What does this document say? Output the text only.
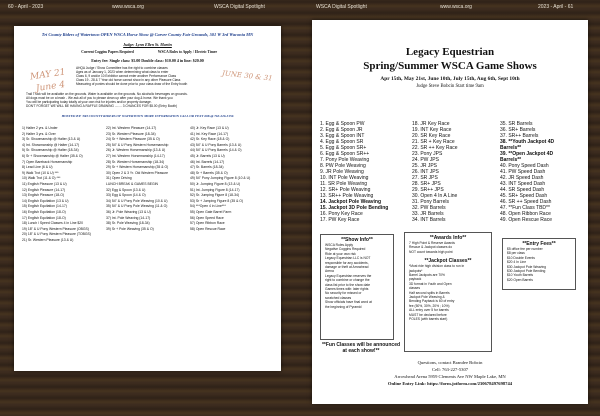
60 - April - 2023	www.wsca.org	WSCA Digital Spotlight	WSCA Digital Spotlight	www.wsca.org	2023 - April - 61
Tri County Riders of Watertown OPEN WSCA Horse Show @ Carver County Fair Grounds, 501 W 3rd Waconia MN
Judge: Lynn Ellen St. Martin
Current Coggins Papers Required	WSCA Rules to Apply / Electric Timer
Entry fee: Single class: $5.00 Double class: $10.00 4 in line: $20.00
AHQA Judge / Show Committee has the right to combine classes
Ages as of January 1, 2023 when determining what class to enter
Class 6, 9 and/or 10 Exhibitor cannot enter another Performance Class
Class 19 - 28 & 7 Year old horse cannot show in any other Pleasure Class
Measuring of ponies should be done prior to your class draw of the Entry booth
Trail Truck will be available on the grounds. Water is available on the grounds. No alcoholic beverages on grounds.
All dogs must be on a leash - We ask all of you to please clean up after your dog & horse. We thank you
You will be participating today totally at your own risk for injuries and/or property damage.
DON'T FORGET WE WILL BE HAVING A RAFFLE DRAWING ........ 3 CHANCES FOR $5.00 (Entry Booth)
HOSTED BY: TRI COUNTY RIDERS OF WATERTOWN MORE INFORMATION CALL OR TEXT 608-@ 763-226-3156
MAY 21
June 4
JUNE 30 & 31
1) Halter 2 yrs. & Under
2) Halter 3 yrs. & Over
3) Sr. Showmanship @ Halter (13 & U)
4) Int. Showmanship @ Halter (14-17)
5) Sr. Showmanship @ Halter (18-34)
6) Sr + Showmanship @ Halter (35 & O)
7) Open Bareback Horsemanship
8) Lead Line (6 & U)
9) Walk Trot (10 & U) ***
10) Walk Trot (11 & O) ***
11) English Pleasure (13 & U)
12) English Pleasure (14-17)
13) English Pleasure (18-O)
14) English Equitation (13 & U)
15) English Equitation (14-17)
16) English Equitation (18-O)
17) English Equitation (18-O)
18) Lunch / Speed Classes 4 in Line $20
19) 18" & U Pony Western Pleasure (OBGS)
20) 18" & U Pony Western Pleasure (TOBGS)
21) Sr. Western Pleasure (13 & U)
22) Int. Western Pleasure (14-17)
23) Sr. Western Pleasure (18-34)
24) Sr + Western Pleasure (35 & O)
25) 54" & U Pony Western Horsemanship
26) Jr. Western Horsemanship (13 & U)
27) Int. Western Horsemanship (14-17)
28) Sr. Western Horsemanship (18-34)
29) Sr + Western Horsemanship (35 & O)
30) Open 2 & 3 Yr. Old Western Pleasure
31) Open Driving
LUNCH BREAK & GAMES BEGIN
32) Egg & Spoon (13 & U)
33) Egg & Spoon (14 & O)
34) 54" & U Pony Pole Weaving (10 & U)
35) 54" & U Pony Pole Weaving (11 & O)
36) Jr. Pole Weaving (13 & U)
37) Int. Pole Weaving (14-17)
38) Sr. Pole Weaving (18-34)
39) Sr + Pole Weaving (35 & O)
40) Jr. Key Race (13 & U)
41) Int. Key Race (14-17)
42) Sr. Key Race (18 & O)
43) 54" & U Pony Barrels (13 & U)
44) 54" & U Pony Barrels (14 & O)
45) Jr. Barrels (13 & U)
46) Int. Barrels (14-17)
47) Sr. Barrels (18-34)
48) Sr + Barrels (35 & O)
49) 54" Pony Jumping Figure 8 (10 & U)
50) Jr. Jumping Figure 8 (13 & U)
51) Int. Jumping Figure 8 (14-17)
52) Sr. Jumping Figure 8 (18-34)
53) Sr + Jumping Figure 8 (35 & O)
54) ***Open 4 in Line***
55) Open Gate Barrel Farm
56) Open Speed Race
57) Open Ribbon Race
58) Open Rescue Race
Legacy Equestrian
Spring/Summer WSCA Game Shows
Apr 15th, May 21st, June 10th, July 15th, Aug 6th, Sept 10th
Judge Steve Bobcin Start time 9am
1. Egg & Spoon PW
2. Egg & Spoon JR
3. Egg & Spoon INT
4. Egg & Spoon SR
5. Egg & Spoon SR+
6. Egg & Spoon SR++
7. Pony Pole Weaving
8. PW Pole Weaving
9. JR Pole Weaving
10. INT Pole Weaving
11. SR Pole Weaving
12. SR+ Pole Weaving
13. SR++ Pole Weaving
14. Jackpot Pole Weaving
15. Jackpot 3D Pole Bending
16. Pony Key Race
17. PW Key Race
18. JR Key Race
19. INT Key Race
20. SR Key Race
21. SR + Key Race
22. SR ++ Key Race
23. Pony JPS
24. PW JPS
25. JR JPS
26. INT JPS
27. SR JPS
28. SR+ JPS
29. SR++ JPS
30. Open 4 In A Line
31. Pony Barrels
32. PW Barrels
33. JR Barrels
34. INT Barrels
35. SR Barrels
36. SR+ Barrels
37. SR++ Barrels
38. **Youth Jackpot 4D
Barrels**
39. **Open Jackpot 4D
Barrels**
40. Pony Speed Dash
41. PW Speed Dash
42. JR Speed Dash
43. INT Speed Dash
44. SR Speed Dash
45. SR+ Speed Dash
46. SR ++ Speed Dash
47. **Fun Class TBD**
48. Open Ribbon Race
49. Open Rescue Race
**Show Info**
WSCA Rules Apply
Negative Coggins Required
Ride at your own risk
Legacy Equestrian LLC is NOT
responsible for any accidents,
damage or theft at Arrowhead
Arena
Legacy Equestrian reserves the
right to combine or change the
class list prior to the show date
Games times with: later rights
No security for missed or
scratched classes
Show officials have final word at
the beginning of Pyramid
**Awards Info**
7 High Point & Reserve Awards
Rescue & Jackpot classes do
NOT count towards high point
**Jackpot Classes**
*Must ride high division class to run in
jackpots*
Barrel Jackpots are 70%
payback
3D format in Youth and Open
classes
Half second splits in Barrels
Jackpot Pole Weaving &
Bending Payback is 60 of entry
fee (50%, 30%, 20% ; 10%)
ALL entry over 5 for barrels
MUST be declared before
POLES (with barrels start)
**Entry Fees**
$5 office fee per number
$8 per class
$10 Double Events
$20 4 In Line
$30 Jackpot Pole Weaving
$30 Jackpot Pole Bending
$10 Youth Barrels
$20 Open Barrels
**Fun Classes will be announced at each show!**
Questions, contact Brandee Bobcin
Cell: 763-227-5307
Arrowhead Arena 5959 Clements Ave NW Maple Lake, MN
Online Entry Link: https://form.jotform.com/230678497698744
